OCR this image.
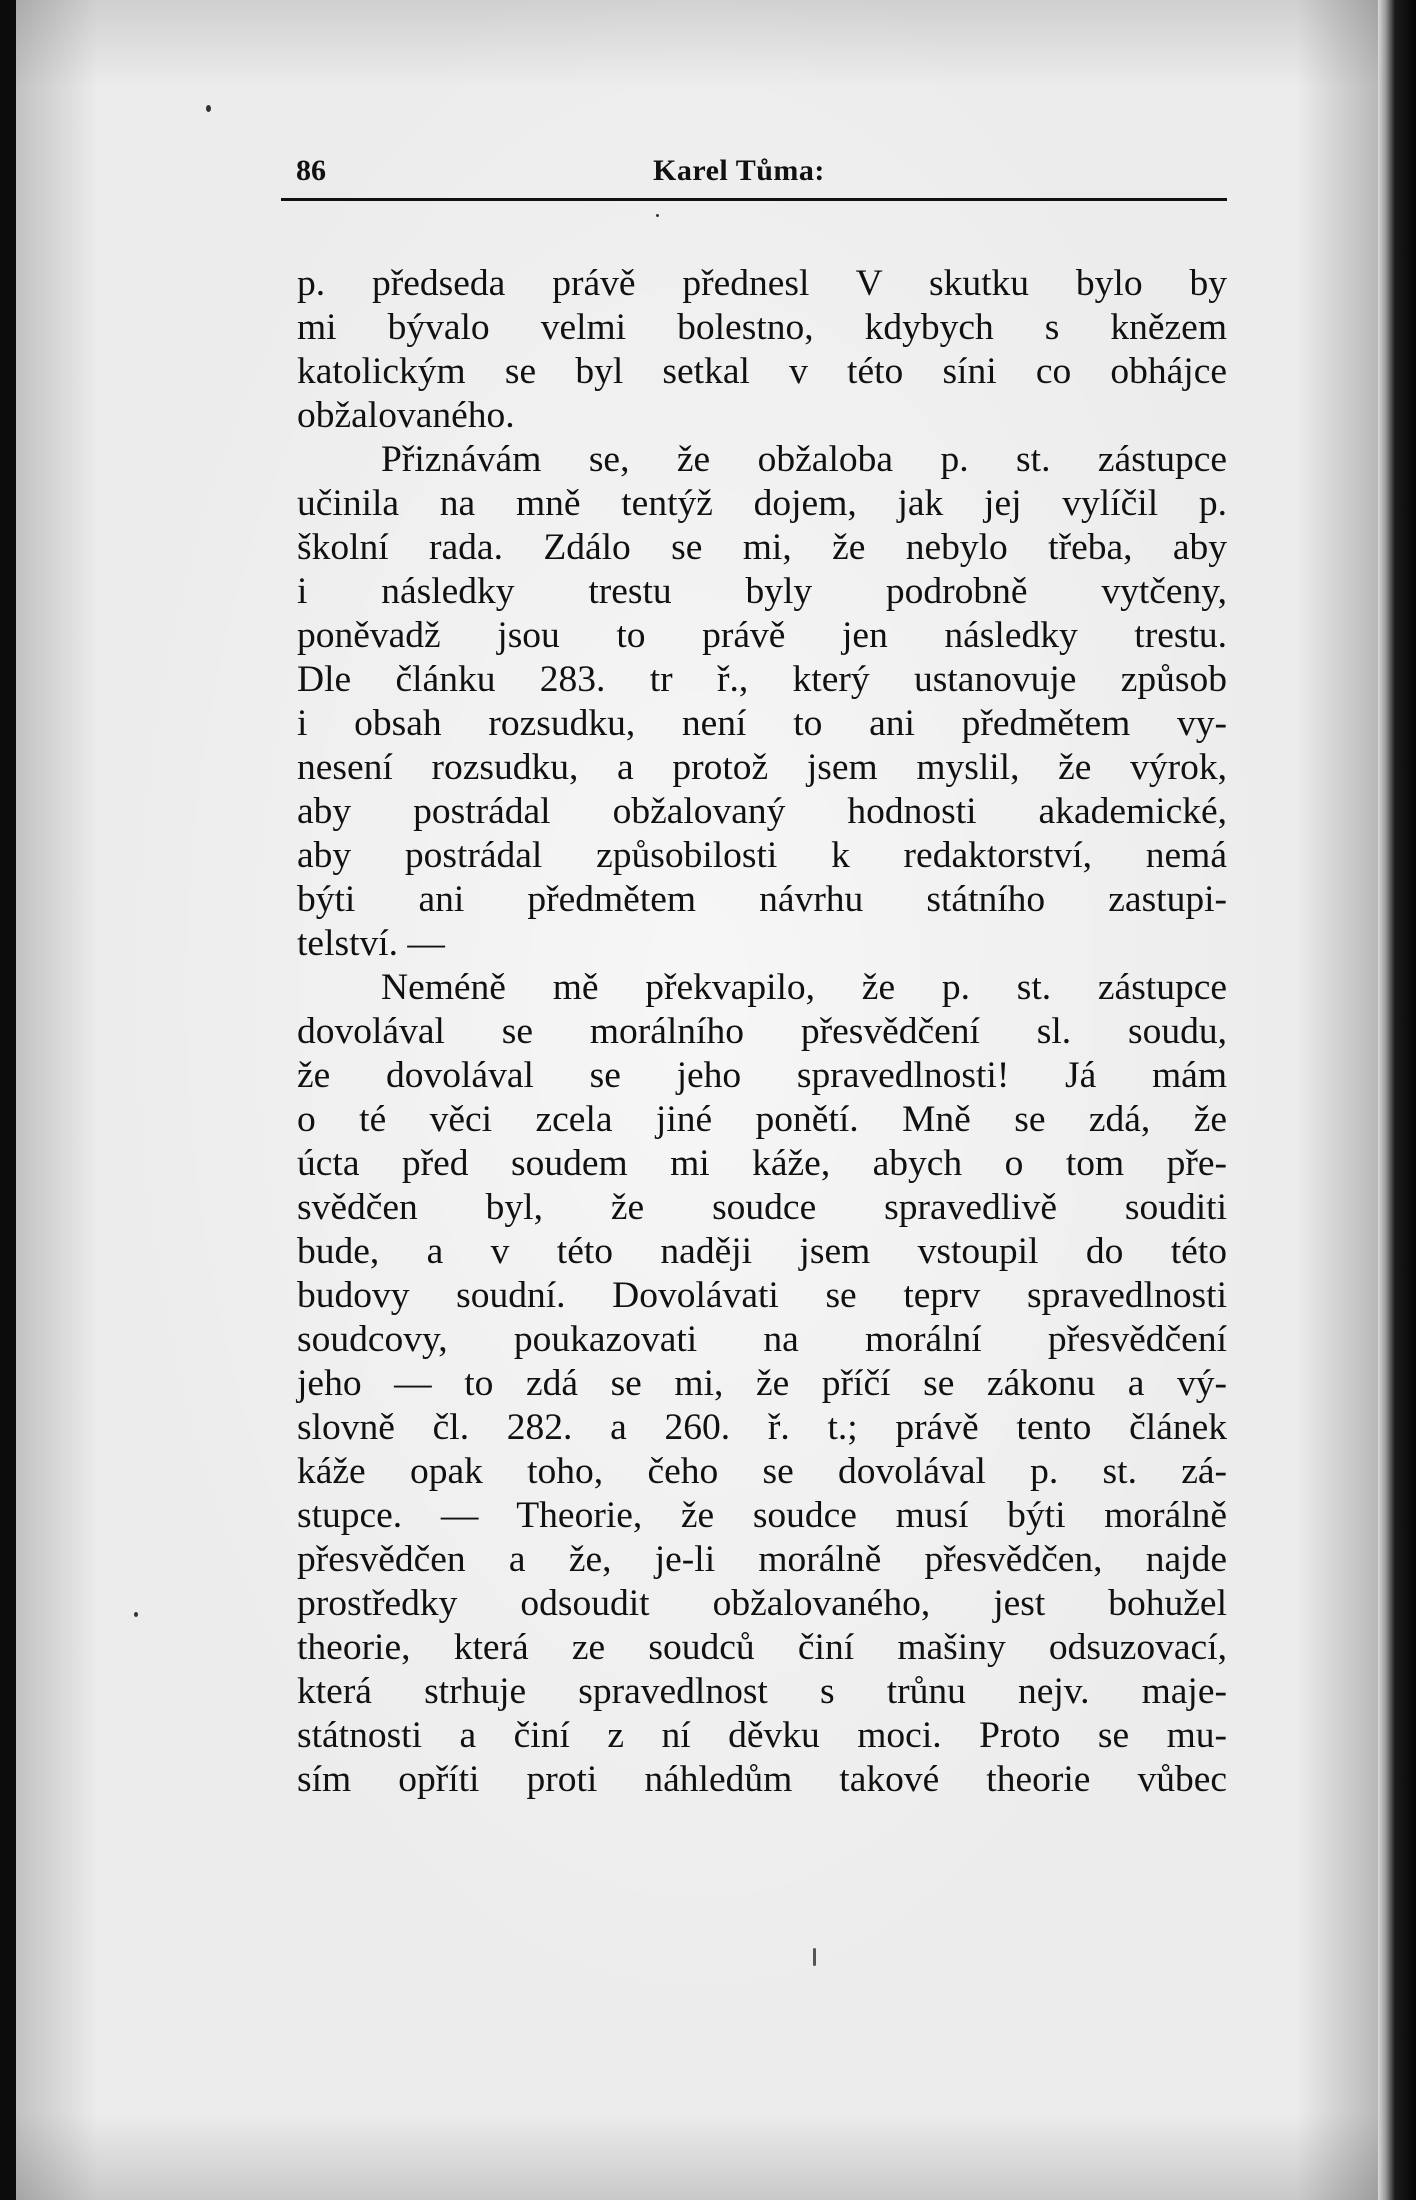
86	Karel Tůma:
p. předseda právě přednesl V skutku bylo by
mi bývalo velmi bolestno, kdybych s knězem
katolickým se byl setkal v této síni co obhájce
obžalovaného.
Přiznávám se, že obžaloba p. st. zástupce
učinila na mně tentýž dojem, jak jej vylíčil p.
školní rada. Zdálo se mi, že nebylo třeba, aby
i následky trestu byly podrobně vytčeny,
poněvadž jsou to právě jen následky trestu.
Dle článku 283. tr ř., který ustanovuje způsob
i obsah rozsudku, není to ani předmětem vy-
nesení rozsudku, a protož jsem myslil, že výrok,
aby postrádal obžalovaný hodnosti akademické,
aby postrádal způsobilosti k redaktorství, nemá
býti ani předmětem návrhu státního zastupi-
telství. —
Neméně mě překvapilo, že p. st. zástupce
dovolával se morálního přesvědčení sl. soudu,
že dovolával se jeho spravedlnosti! Já mám
o té věci zcela jiné ponětí. Mně se zdá, že
úcta před soudem mi káže, abych o tom pře-
svědčen byl, že soudce spravedlivě souditi
bude, a v této naději jsem vstoupil do této
budovy soudní. Dovolávati se teprv spravedlnosti
soudcovy, poukazovati na morální přesvědčení
jeho — to zdá se mi, že příčí se zákonu a vý-
slovně čl. 282. a 260. ř. t.; právě tento článek
káže opak toho, čeho se dovolával p. st. zá-
stupce. — Theorie, že soudce musí býti morálně
přesvědčen a že, je-li morálně přesvědčen, najde
prostředky odsoudit obžalovaného, jest bohužel
theorie, která ze soudců činí mašiny odsuzovací,
která strhuje spravedlnost s trůnu nejv. maje-
státnosti a činí z ní děvku moci. Proto se mu-
sím opříti proti náhledům takové theorie vůbec
